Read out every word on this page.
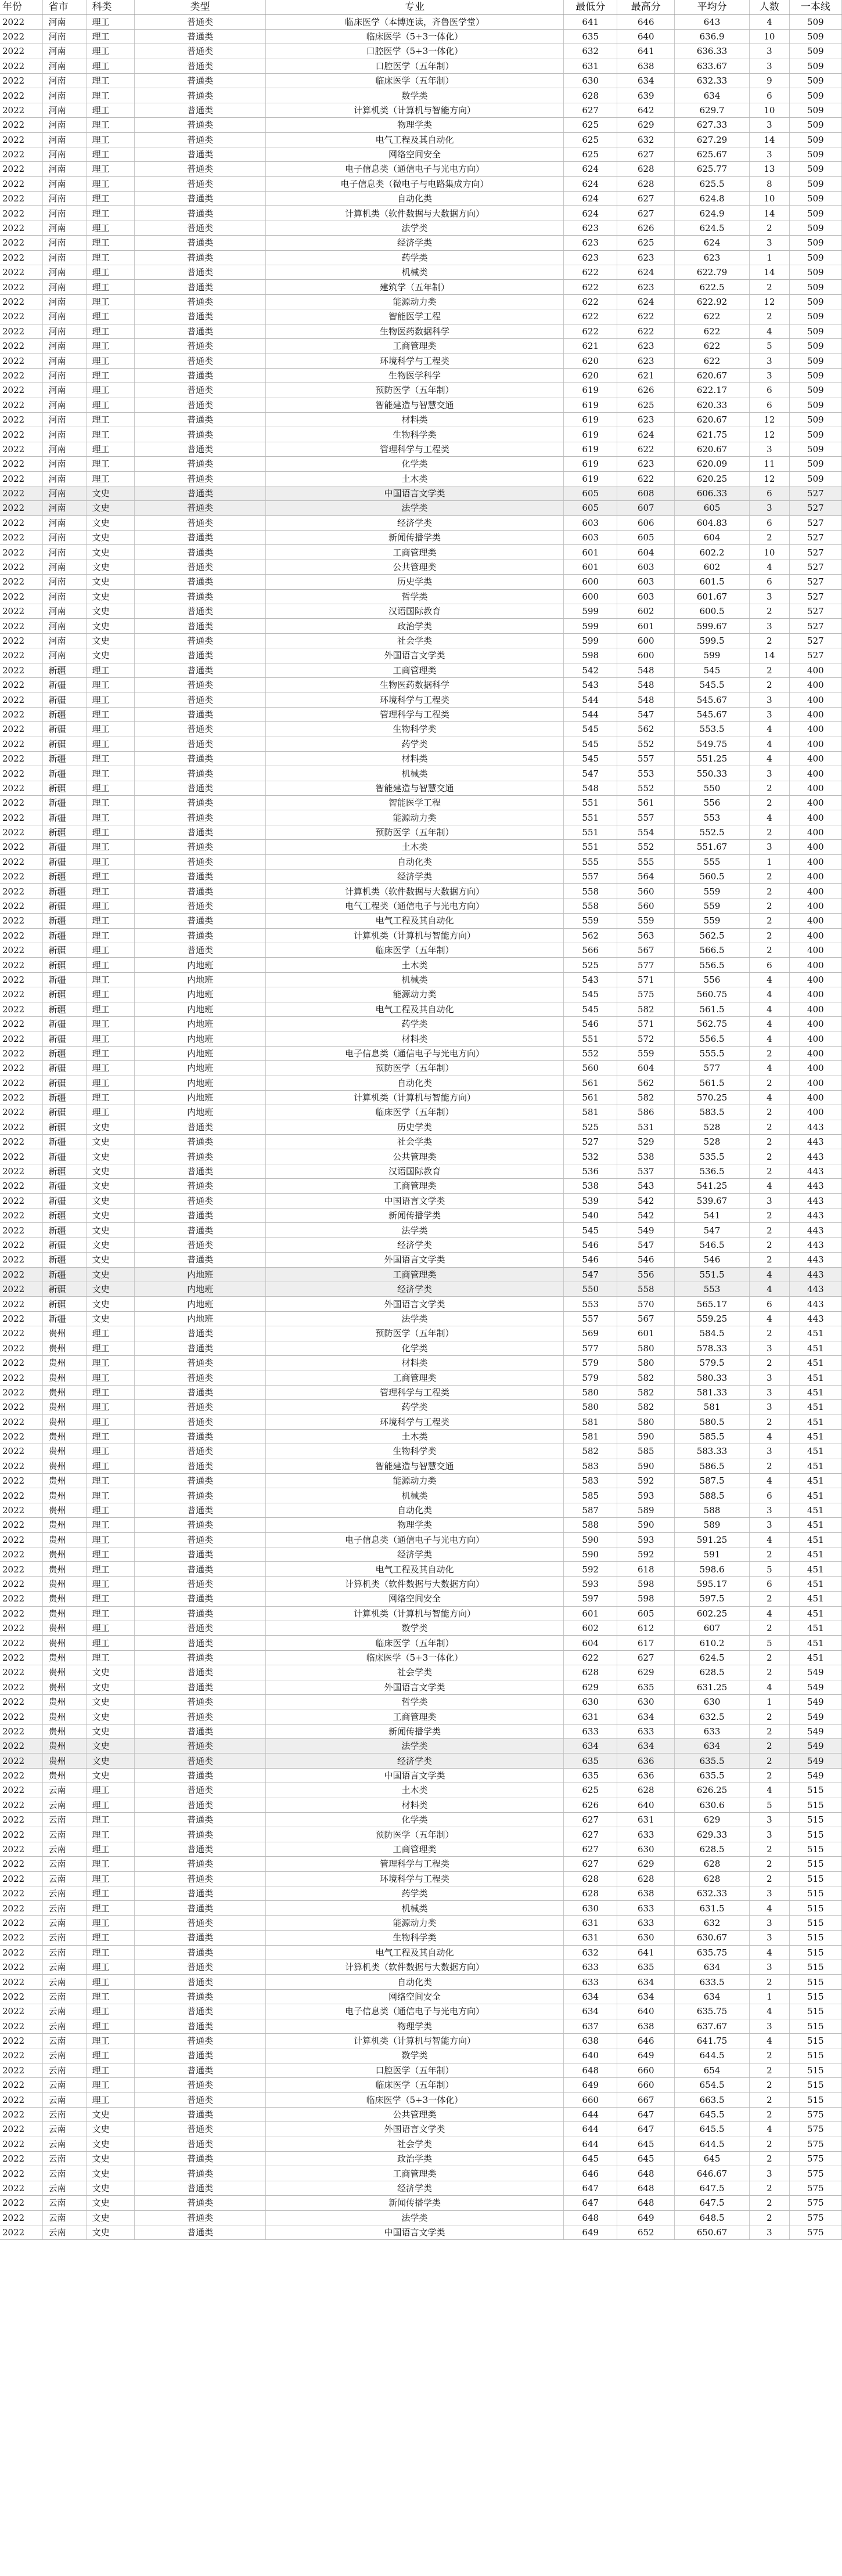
年份	省市	科类	类型	专业	最低分	最高分	平均分	人数	一本线
2022	河南	理工	普通类	临床医学（本博连读，齐鲁医学堂）	641	646	643	4	509
2022	河南	理工	普通类	临床医学（5+3一体化）	635	640	636.9	10	509
2022	河南	理工	普通类	口腔医学（5+3一体化）	632	641	636.33	3	509
2022	河南	理工	普通类	口腔医学（五年制）	631	638	633.67	3	509
2022	河南	理工	普通类	临床医学（五年制）	630	634	632.33	9	509
2022	河南	理工	普通类	数学类	628	639	634	6	509
2022	河南	理工	普通类	计算机类（计算机与智能方向）	627	642	629.7	10	509
2022	河南	理工	普通类	物理学类	625	629	627.33	3	509
2022	河南	理工	普通类	电气工程及其自动化	625	632	627.29	14	509
2022	河南	理工	普通类	网络空间安全	625	627	625.67	3	509
2022	河南	理工	普通类	电子信息类（通信电子与光电方向）	624	628	625.77	13	509
2022	河南	理工	普通类	电子信息类（微电子与电路集成方向）	624	628	625.5	8	509
2022	河南	理工	普通类	自动化类	624	627	624.8	10	509
2022	河南	理工	普通类	计算机类（软件数据与大数据方向）	624	627	624.9	14	509
2022	河南	理工	普通类	法学类	623	626	624.5	2	509
2022	河南	理工	普通类	经济学类	623	625	624	3	509
2022	河南	理工	普通类	药学类	623	623	623	1	509
2022	河南	理工	普通类	机械类	622	624	622.79	14	509
2022	河南	理工	普通类	建筑学（五年制）	622	623	622.5	2	509
2022	河南	理工	普通类	能源动力类	622	624	622.92	12	509
2022	河南	理工	普通类	智能医学工程	622	622	622	2	509
2022	河南	理工	普通类	生物医药数据科学	622	622	622	4	509
2022	河南	理工	普通类	工商管理类	621	623	622	5	509
2022	河南	理工	普通类	环境科学与工程类	620	623	622	3	509
2022	河南	理工	普通类	生物医学科学	620	621	620.67	3	509
2022	河南	理工	普通类	预防医学（五年制）	619	626	622.17	6	509
2022	河南	理工	普通类	智能建造与智慧交通	619	625	620.33	6	509
2022	河南	理工	普通类	材料类	619	623	620.67	12	509
2022	河南	理工	普通类	生物科学类	619	624	621.75	12	509
2022	河南	理工	普通类	管理科学与工程类	619	622	620.67	3	509
2022	河南	理工	普通类	化学类	619	623	620.09	11	509
2022	河南	理工	普通类	土木类	619	622	620.25	12	509
2022	河南	文史	普通类	中国语言文学类	605	608	606.33	6	527
2022	河南	文史	普通类	法学类	605	607	605	3	527
2022	河南	文史	普通类	经济学类	603	606	604.83	6	527
2022	河南	文史	普通类	新闻传播学类	603	605	604	2	527
2022	河南	文史	普通类	工商管理类	601	604	602.2	10	527
2022	河南	文史	普通类	公共管理类	601	603	602	4	527
2022	河南	文史	普通类	历史学类	600	603	601.5	6	527
2022	河南	文史	普通类	哲学类	600	603	601.67	3	527
2022	河南	文史	普通类	汉语国际教育	599	602	600.5	2	527
2022	河南	文史	普通类	政治学类	599	601	599.67	3	527
2022	河南	文史	普通类	社会学类	599	600	599.5	2	527
2022	河南	文史	普通类	外国语言文学类	598	600	599	14	527
2022	新疆	理工	普通类	工商管理类	542	548	545	2	400
2022	新疆	理工	普通类	生物医药数据科学	543	548	545.5	2	400
2022	新疆	理工	普通类	环境科学与工程类	544	548	545.67	3	400
2022	新疆	理工	普通类	管理科学与工程类	544	547	545.67	3	400
2022	新疆	理工	普通类	生物科学类	545	562	553.5	4	400
2022	新疆	理工	普通类	药学类	545	552	549.75	4	400
2022	新疆	理工	普通类	材料类	545	557	551.25	4	400
2022	新疆	理工	普通类	机械类	547	553	550.33	3	400
2022	新疆	理工	普通类	智能建造与智慧交通	548	552	550	2	400
2022	新疆	理工	普通类	智能医学工程	551	561	556	2	400
2022	新疆	理工	普通类	能源动力类	551	557	553	4	400
2022	新疆	理工	普通类	预防医学（五年制）	551	554	552.5	2	400
2022	新疆	理工	普通类	土木类	551	552	551.67	3	400
2022	新疆	理工	普通类	自动化类	555	555	555	1	400
2022	新疆	理工	普通类	经济学类	557	564	560.5	2	400
2022	新疆	理工	普通类	计算机类（软件数据与大数据方向）	558	560	559	2	400
2022	新疆	理工	普通类	电气工程类（通信电子与光电方向）	558	560	559	2	400
2022	新疆	理工	普通类	电气工程及其自动化	559	559	559	2	400
2022	新疆	理工	普通类	计算机类（计算机与智能方向）	562	563	562.5	2	400
2022	新疆	理工	普通类	临床医学（五年制）	566	567	566.5	2	400
2022	新疆	理工	内地班	土木类	525	577	556.5	6	400
2022	新疆	理工	内地班	机械类	543	571	556	4	400
2022	新疆	理工	内地班	能源动力类	545	575	560.75	4	400
2022	新疆	理工	内地班	电气工程及其自动化	545	582	561.5	4	400
2022	新疆	理工	内地班	药学类	546	571	562.75	4	400
2022	新疆	理工	内地班	材料类	551	572	556.5	4	400
2022	新疆	理工	内地班	电子信息类（通信电子与光电方向）	552	559	555.5	2	400
2022	新疆	理工	内地班	预防医学（五年制）	560	604	577	4	400
2022	新疆	理工	内地班	自动化类	561	562	561.5	2	400
2022	新疆	理工	内地班	计算机类（计算机与智能方向）	561	582	570.25	4	400
2022	新疆	理工	内地班	临床医学（五年制）	581	586	583.5	2	400
2022	新疆	文史	普通类	历史学类	525	531	528	2	443
2022	新疆	文史	普通类	社会学类	527	529	528	2	443
2022	新疆	文史	普通类	公共管理类	532	538	535.5	2	443
2022	新疆	文史	普通类	汉语国际教育	536	537	536.5	2	443
2022	新疆	文史	普通类	工商管理类	538	543	541.25	4	443
2022	新疆	文史	普通类	中国语言文学类	539	542	539.67	3	443
2022	新疆	文史	普通类	新闻传播学类	540	542	541	2	443
2022	新疆	文史	普通类	法学类	545	549	547	2	443
2022	新疆	文史	普通类	经济学类	546	547	546.5	2	443
2022	新疆	文史	普通类	外国语言文学类	546	546	546	2	443
2022	新疆	文史	内地班	工商管理类	547	556	551.5	4	443
2022	新疆	文史	内地班	经济学类	550	558	553	4	443
2022	新疆	文史	内地班	外国语言文学类	553	570	565.17	6	443
2022	新疆	文史	内地班	法学类	557	567	559.25	4	443
2022	贵州	理工	普通类	预防医学（五年制）	569	601	584.5	2	451
2022	贵州	理工	普通类	化学类	577	580	578.33	3	451
2022	贵州	理工	普通类	材料类	579	580	579.5	2	451
2022	贵州	理工	普通类	工商管理类	579	582	580.33	3	451
2022	贵州	理工	普通类	管理科学与工程类	580	582	581.33	3	451
2022	贵州	理工	普通类	药学类	580	582	581	3	451
2022	贵州	理工	普通类	环境科学与工程类	581	580	580.5	2	451
2022	贵州	理工	普通类	土木类	581	590	585.5	4	451
2022	贵州	理工	普通类	生物科学类	582	585	583.33	3	451
2022	贵州	理工	普通类	智能建造与智慧交通	583	590	586.5	2	451
2022	贵州	理工	普通类	能源动力类	583	592	587.5	4	451
2022	贵州	理工	普通类	机械类	585	593	588.5	6	451
2022	贵州	理工	普通类	自动化类	587	589	588	3	451
2022	贵州	理工	普通类	物理学类	588	590	589	3	451
2022	贵州	理工	普通类	电子信息类（通信电子与光电方向）	590	593	591.25	4	451
2022	贵州	理工	普通类	经济学类	590	592	591	2	451
2022	贵州	理工	普通类	电气工程及其自动化	592	618	598.6	5	451
2022	贵州	理工	普通类	计算机类（软件数据与大数据方向）	593	598	595.17	6	451
2022	贵州	理工	普通类	网络空间安全	597	598	597.5	2	451
2022	贵州	理工	普通类	计算机类（计算机与智能方向）	601	605	602.25	4	451
2022	贵州	理工	普通类	数学类	602	612	607	2	451
2022	贵州	理工	普通类	临床医学（五年制）	604	617	610.2	5	451
2022	贵州	理工	普通类	临床医学（5+3一体化）	622	627	624.5	2	451
2022	贵州	文史	普通类	社会学类	628	629	628.5	2	549
2022	贵州	文史	普通类	外国语言文学类	629	635	631.25	4	549
2022	贵州	文史	普通类	哲学类	630	630	630	1	549
2022	贵州	文史	普通类	工商管理类	631	634	632.5	2	549
2022	贵州	文史	普通类	新闻传播学类	633	633	633	2	549
2022	贵州	文史	普通类	法学类	634	634	634	2	549
2022	贵州	文史	普通类	经济学类	635	636	635.5	2	549
2022	贵州	文史	普通类	中国语言文学类	635	636	635.5	2	549
2022	云南	理工	普通类	土木类	625	628	626.25	4	515
2022	云南	理工	普通类	材料类	626	640	630.6	5	515
2022	云南	理工	普通类	化学类	627	631	629	3	515
2022	云南	理工	普通类	预防医学（五年制）	627	633	629.33	3	515
2022	云南	理工	普通类	工商管理类	627	630	628.5	2	515
2022	云南	理工	普通类	管理科学与工程类	627	629	628	2	515
2022	云南	理工	普通类	环境科学与工程类	628	628	628	2	515
2022	云南	理工	普通类	药学类	628	638	632.33	3	515
2022	云南	理工	普通类	机械类	630	633	631.5	4	515
2022	云南	理工	普通类	能源动力类	631	633	632	3	515
2022	云南	理工	普通类	生物科学类	631	630	630.67	3	515
2022	云南	理工	普通类	电气工程及其自动化	632	641	635.75	4	515
2022	云南	理工	普通类	计算机类（软件数据与大数据方向）	633	635	634	3	515
2022	云南	理工	普通类	自动化类	633	634	633.5	2	515
2022	云南	理工	普通类	网络空间安全	634	634	634	1	515
2022	云南	理工	普通类	电子信息类（通信电子与光电方向）	634	640	635.75	4	515
2022	云南	理工	普通类	物理学类	637	638	637.67	3	515
2022	云南	理工	普通类	计算机类（计算机与智能方向）	638	646	641.75	4	515
2022	云南	理工	普通类	数学类	640	649	644.5	2	515
2022	云南	理工	普通类	口腔医学（五年制）	648	660	654	2	515
2022	云南	理工	普通类	临床医学（五年制）	649	660	654.5	2	515
2022	云南	理工	普通类	临床医学（5+3一体化）	660	667	663.5	2	515
2022	云南	文史	普通类	公共管理类	644	647	645.5	2	575
2022	云南	文史	普通类	外国语言文学类	644	647	645.5	4	575
2022	云南	文史	普通类	社会学类	644	645	644.5	2	575
2022	云南	文史	普通类	政治学类	645	645	645	2	575
2022	云南	文史	普通类	工商管理类	646	648	646.67	3	575
2022	云南	文史	普通类	经济学类	647	648	647.5	2	575
2022	云南	文史	普通类	新闻传播学类	647	648	647.5	2	575
2022	云南	文史	普通类	法学类	648	649	648.5	2	575
2022	云南	文史	普通类	中国语言文学类	649	652	650.67	3	575
